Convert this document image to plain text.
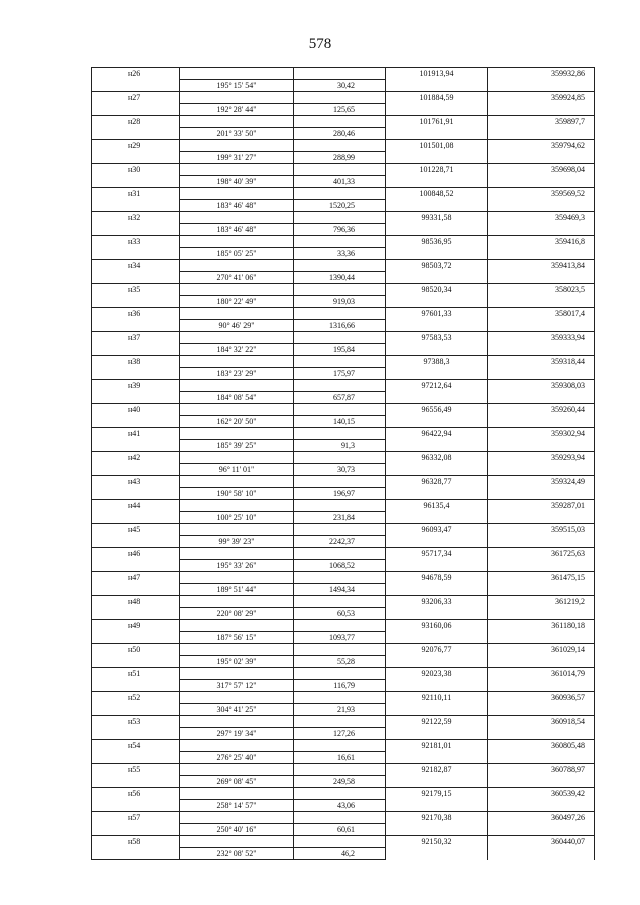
578
н26			101913,94	359932,86
	195° 15' 54"	30,42		
н27			101884,59	359924,85
	192° 28' 44"	125,65		
н28			101761,91	359897,7
	201° 33' 50"	280,46		
н29			101501,08	359794,62
	199° 31' 27"	288,99		
н30			101228,71	359698,04
	198° 40' 39"	401,33		
н31			100848,52	359569,52
	183° 46' 48"	1520,25		
н32			99331,58	359469,3
	183° 46' 48"	796,36		
н33			98536,95	359416,8
	185° 05' 25"	33,36		
н34			98503,72	359413,84
	270° 41' 06"	1390,44		
н35			98520,34	358023,5
	180° 22' 49"	919,03		
н36			97601,33	358017,4
	90° 46' 29"	1316,66		
н37			97583,53	359333,94
	184° 32' 22"	195,84		
н38			97388,3	359318,44
	183° 23' 29"	175,97		
н39			97212,64	359308,03
	184° 08' 54"	657,87		
н40			96556,49	359260,44
	162° 20' 50"	140,15		
н41			96422,94	359302,94
	185° 39' 25"	91,3		
н42			96332,08	359293,94
	96° 11' 01"	30,73		
н43			96328,77	359324,49
	190° 58' 10"	196,97		
н44			96135,4	359287,01
	100° 25' 10"	231,84		
н45			96093,47	359515,03
	99° 39' 23"	2242,37		
н46			95717,34	361725,63
	195° 33' 26"	1068,52		
н47			94678,59	361475,15
	189° 51' 44"	1494,34		
н48			93206,33	361219,2
	220° 08' 29"	60,53		
н49			93160,06	361180,18
	187° 56' 15"	1093,77		
н50			92076,77	361029,14
	195° 02' 39"	55,28		
н51			92023,38	361014,79
	317° 57' 12"	116,79		
н52			92110,11	360936,57
	304° 41' 25"	21,93		
н53			92122,59	360918,54
	297° 19' 34"	127,26		
н54			92181,01	360805,48
	276° 25' 40"	16,61		
н55			92182,87	360788,97
	269° 08' 45"	249,58		
н56			92179,15	360539,42
	258° 14' 57"	43,06		
н57			92170,38	360497,26
	250° 40' 16"	60,61		
н58			92150,32	360440,07
	232° 08' 52"	46,2		
